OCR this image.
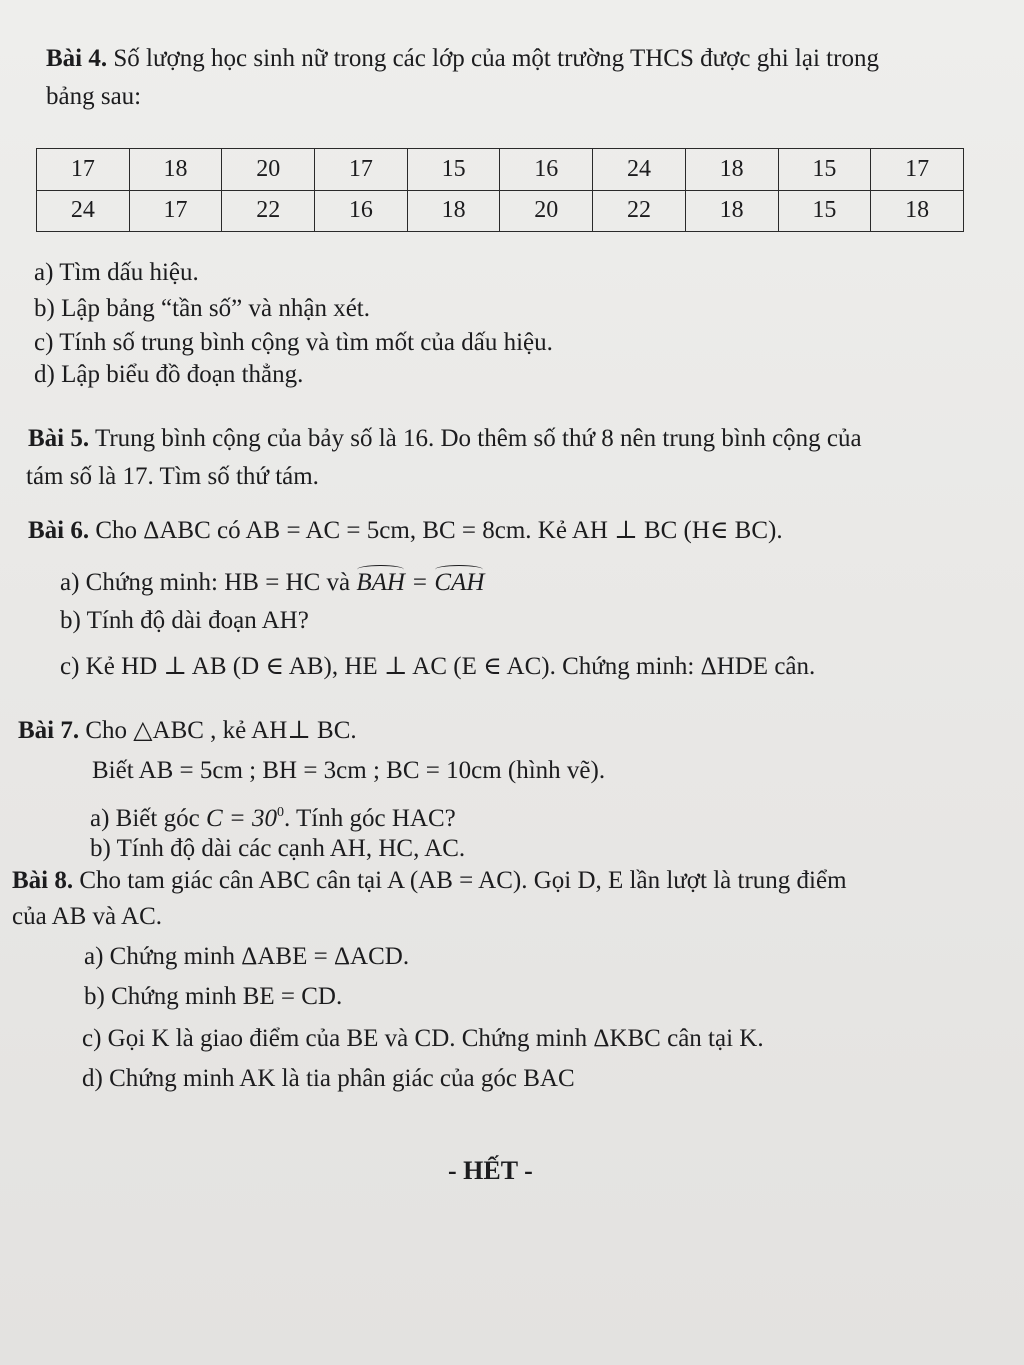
Bài 4. Số lượng học sinh nữ trong các lớp của một trường THCS được ghi lại trong
bảng sau:
17	18	20	17	15	16	24	18	15	17
24	17	22	16	18	20	22	18	15	18
a) Tìm dấu hiệu.
b) Lập bảng “tần số” và nhận xét.
c) Tính số trung bình cộng và tìm mốt của dấu hiệu.
d) Lập biểu đồ đoạn thẳng.
Bài 5. Trung bình cộng của bảy số là 16. Do thêm số thứ 8 nên trung bình cộng của
tám số là 17. Tìm số thứ tám.
Bài 6. Cho ΔABC có AB = AC = 5cm, BC = 8cm. Kẻ AH ⊥ BC (H∈ BC).
a) Chứng minh: HB = HC và BAH = CAH
b) Tính độ dài đoạn AH?
c) Kẻ HD ⊥ AB (D ∈ AB), HE ⊥ AC (E ∈ AC). Chứng minh: ΔHDE cân.
Bài 7. Cho △ABC , kẻ AH⊥ BC.
Biết AB = 5cm ; BH = 3cm ; BC = 10cm (hình vẽ).
a) Biết góc $C = 30^0$. Tính góc HAC?
b) Tính độ dài các cạnh AH, HC, AC.
Bài 8. Cho tam giác cân ABC cân tại A (AB = AC). Gọi D, E lần lượt là trung điểm
của AB và AC.
a) Chứng minh ΔABE = ΔACD.
b) Chứng minh BE = CD.
c) Gọi K là giao điểm của BE và CD. Chứng minh ΔKBC cân tại K.
d) Chứng minh AK là tia phân giác của góc BAC
- HẾT -
